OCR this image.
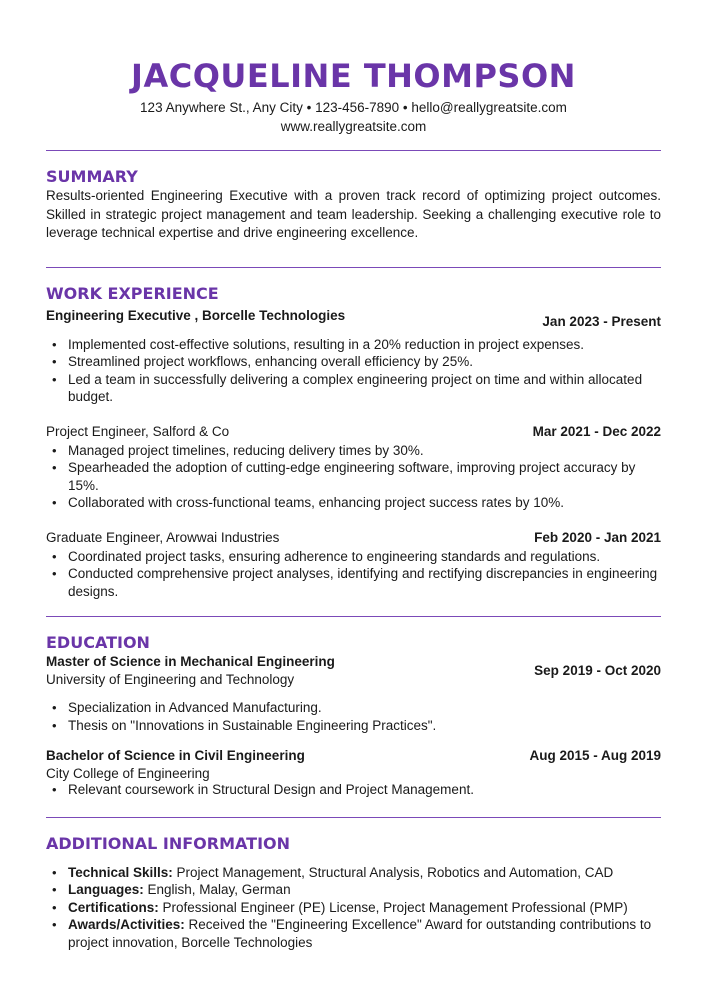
JACQUELINE THOMPSON
123 Anywhere St., Any City • 123-456-7890 • hello@reallygreatsite.com
www.reallygreatsite.com
SUMMARY

Results-oriented Engineering Executive with a proven track record of optimizing project outcomes. Skilled in strategic project management and team leadership. Seeking a challenging executive role to leverage technical expertise and drive engineering excellence.

WORK EXPERIENCE
Engineering Executive , Borcelle Technologies	Jan 2023 - Present
• Implemented cost-effective solutions, resulting in a 20% reduction in project expenses.
• Streamlined project workflows, enhancing overall efficiency by 25%.
• Led a team in successfully delivering a complex engineering project on time and within allocated budget.
Project Engineer, Salford & Co	Mar 2021 - Dec 2022
• Managed project timelines, reducing delivery times by 30%.
• Spearheaded the adoption of cutting-edge engineering software, improving project accuracy by 15%.
• Collaborated with cross-functional teams, enhancing project success rates by 10%.
Graduate Engineer, Arowwai Industries	Feb 2020 - Jan 2021
• Coordinated project tasks, ensuring adherence to engineering standards and regulations.
• Conducted comprehensive project analyses, identifying and rectifying discrepancies in engineering designs.
EDUCATION
Master of Science in Mechanical Engineering
University of Engineering and Technology
Sep 2019 - Oct 2020
• Specialization in Advanced Manufacturing.
• Thesis on "Innovations in Sustainable Engineering Practices".
Bachelor of Science in Civil Engineering
City College of Engineering
Aug 2015 - Aug 2019
• Relevant coursework in Structural Design and Project Management.
ADDITIONAL INFORMATION
• Technical Skills: Project Management, Structural Analysis, Robotics and Automation, CAD
• Languages: English, Malay, German
• Certifications: Professional Engineer (PE) License, Project Management Professional (PMP)
• Awards/Activities: Received the "Engineering Excellence" Award for outstanding contributions to project innovation, Borcelle Technologies
